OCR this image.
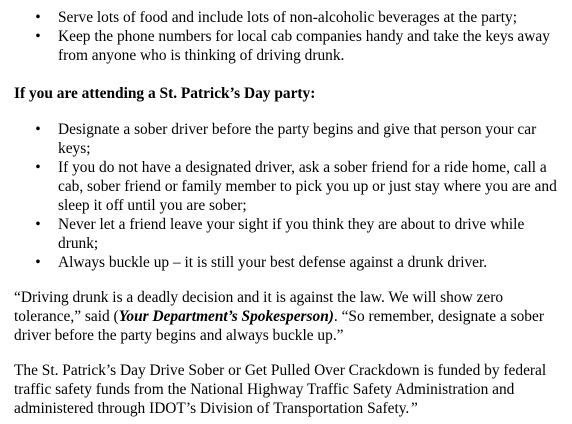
•
Serve lots of food and include lots of non-alcoholic beverages at the party;
•
Keep the phone numbers for local cab companies handy and take the keys away from anyone who is thinking of driving drunk.

If you are attending a St. Patrick’s Day party:

•
Designate a sober driver before the party begins and give that person your car keys;
•
If you do not have a designated driver, ask a sober friend for a ride home, call a cab, sober friend or family member to pick you up or just stay where you are and sleep it off until you are sober;
•
Never let a friend leave your sight if you think they are about to drive while drunk;
•
Always buckle up – it is still your best defense against a drunk driver.

“Driving drunk is a deadly decision and it is against the law. We will show zero tolerance,” said (Your Department’s Spokesperson). “So remember, designate a sober driver before the party begins and always buckle up.”

The St. Patrick’s Day Drive Sober or Get Pulled Over Crackdown is funded by federal traffic safety funds from the National Highway Traffic Safety Administration and administered through IDOT’s Division of Transportation Safety.”
